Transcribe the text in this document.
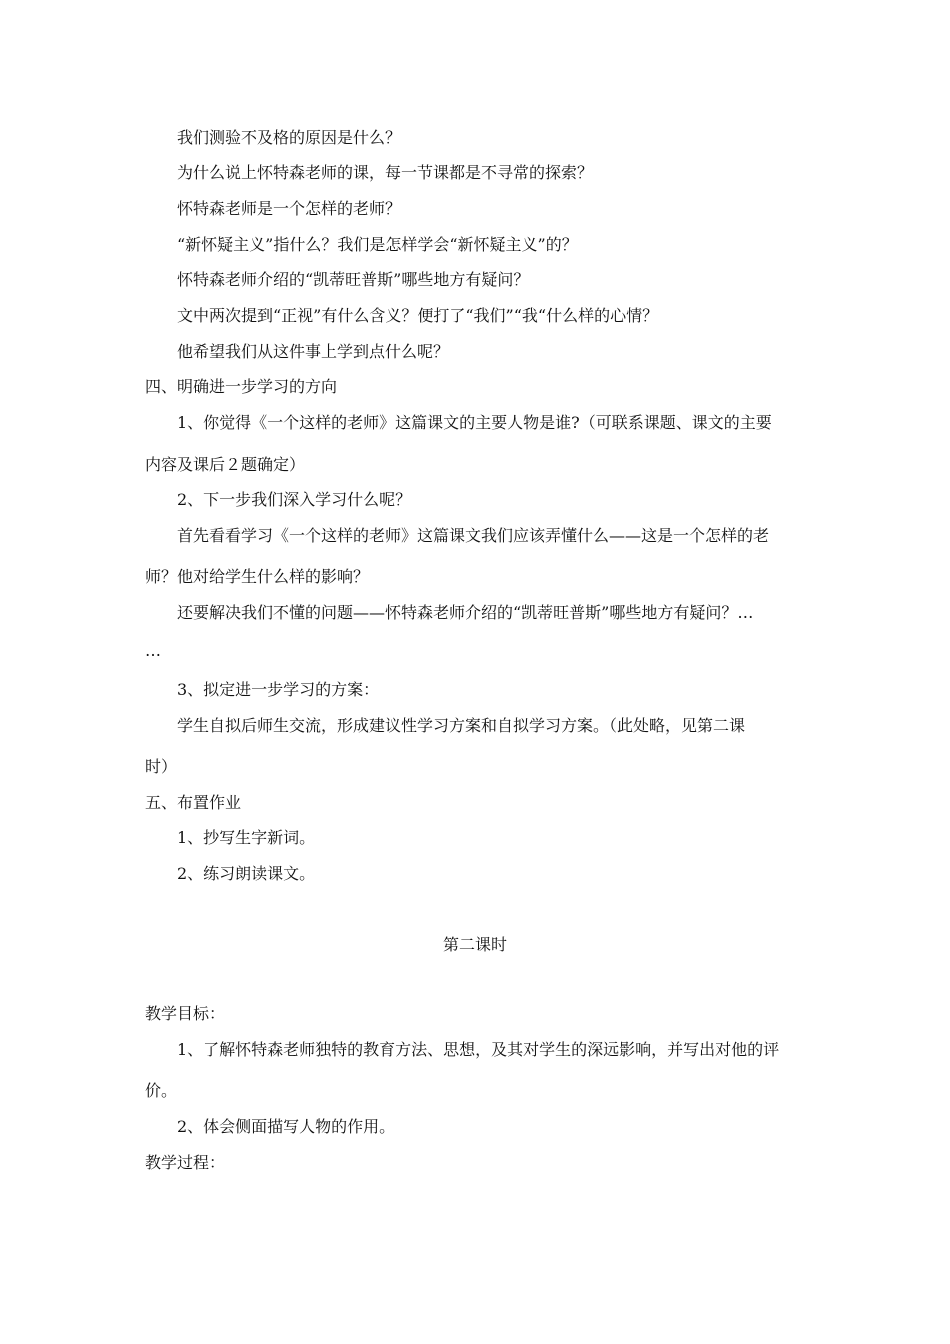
我们测验不及格的原因是什么？
为什么说上怀特森老师的课，每一节课都是不寻常的探索？
怀特森老师是一个怎样的老师？
“新怀疑主义”指什么？我们是怎样学会“新怀疑主义”的？
怀特森老师介绍的“凯蒂旺普斯”哪些地方有疑问？
文中两次提到“正视”有什么含义？便打了“我们”“我“什么样的心情？
他希望我们从这件事上学到点什么呢？
四、明确进一步学习的方向
1、你觉得《一个这样的老师》这篇课文的主要人物是谁?（可联系课题、课文的主要
内容及课后２题确定）
2、下一步我们深入学习什么呢？
首先看看学习《一个这样的老师》这篇课文我们应该弄懂什么——这是一个怎样的老
师？他对给学生什么样的影响？
还要解决我们不懂的问题——怀特森老师介绍的“凯蒂旺普斯”哪些地方有疑问？…
…
3、拟定进一步学习的方案：
学生自拟后师生交流，形成建议性学习方案和自拟学习方案。（此处略，见第二课
时）
五、布置作业
1、抄写生字新词。
2、练习朗读课文。
第二课时
教学目标：
1、了解怀特森老师独特的教育方法、思想，及其对学生的深远影响，并写出对他的评
价。
2、体会侧面描写人物的作用。
教学过程：
